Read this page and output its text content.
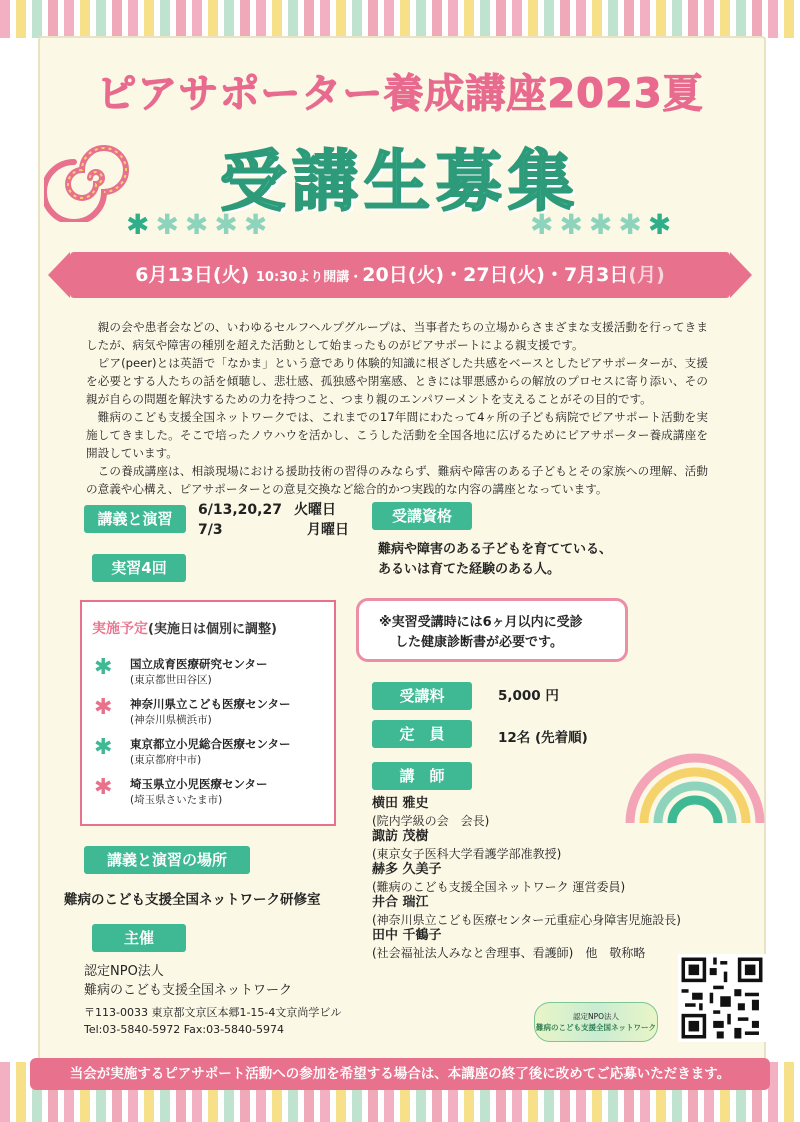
ピアサポーター養成講座2023夏
受講生募集
✱✱✱✱✱	✱✱✱✱✱
6月13日(火) 10:30より開講・20日(火)・27日(火)・7月3日(月)

親の会や患者会などの、いわゆるセルフヘルプグループは、当事者たちの立場からさまざまな支援活動を行ってきましたが、病気や障害の種別を超えた活動として始まったものがピアサポートによる親支援です。

ピア(peer)とは英語で「なかま」という意であり体験的知識に根ざした共感をベースとしたピアサポーターが、支援を必要とする人たちの話を傾聴し、悲壮感、孤独感や閉塞感、ときには罪悪感からの解放のプロセスに寄り添い、その親が自らの問題を解決するための力を持つこと、つまり親のエンパワーメントを支えることがその目的です。

難病のこども支援全国ネットワークでは、これまでの17年間にわたって4ヶ所の子ども病院でピアサポート活動を実施してきました。そこで培ったノウハウを活かし、こうした活動を全国各地に広げるためにピアサポーター養成講座を開設しています。

この養成講座は、相談現場における援助技術の習得のみならず、難病や障害のある子どもとその家族への理解、活動の意義や心構え、ピアサポーターとの意見交換など総合的かつ実践的な内容の講座となっています。

講義と演習	6/13,20,27 火曜日
7/3	月曜日
実習4回
実施予定(実施日は個別に調整)
✱ 国立成育医療研究センター
(東京都世田谷区)
✱ 神奈川県立こども医療センター
(神奈川県横浜市)
✱ 東京都立小児総合医療センター
(東京都府中市)
✱ 埼玉県立小児医療センター
(埼玉県さいたま市)
講義と演習の場所
難病のこども支援全国ネットワーク研修室
主催
認定NPO法人
難病のこども支援全国ネットワーク
〒113-0033 東京都文京区本郷1-15-4文京尚学ビル
Tel:03-5840-5972 Fax:03-5840-5974
受講資格
難病や障害のある子どもを育てている、
あるいは育てた経験のある人。
※実習受講時には6ヶ月以内に受診
した健康診断書が必要です。
受講料	5,000 円
定　員	12名 (先着順)
講　師
横田 雅史
(院内学級の会　会長)
諏訪 茂樹
(東京女子医科大学看護学部准教授)
赫多 久美子
(難病のこども支援全国ネットワーク 運営委員)
井合 瑞江
(神奈川県立こども医療センター元重症心身障害児施設長)
田中 千鶴子
(社会福祉法人みなと舎理事、看護師)　他　敬称略
認定NPO法人
難病のこども支援全国ネットワーク
当会が実施するピアサポート活動への参加を希望する場合は、本講座の終了後に改めてご応募いただきます。
